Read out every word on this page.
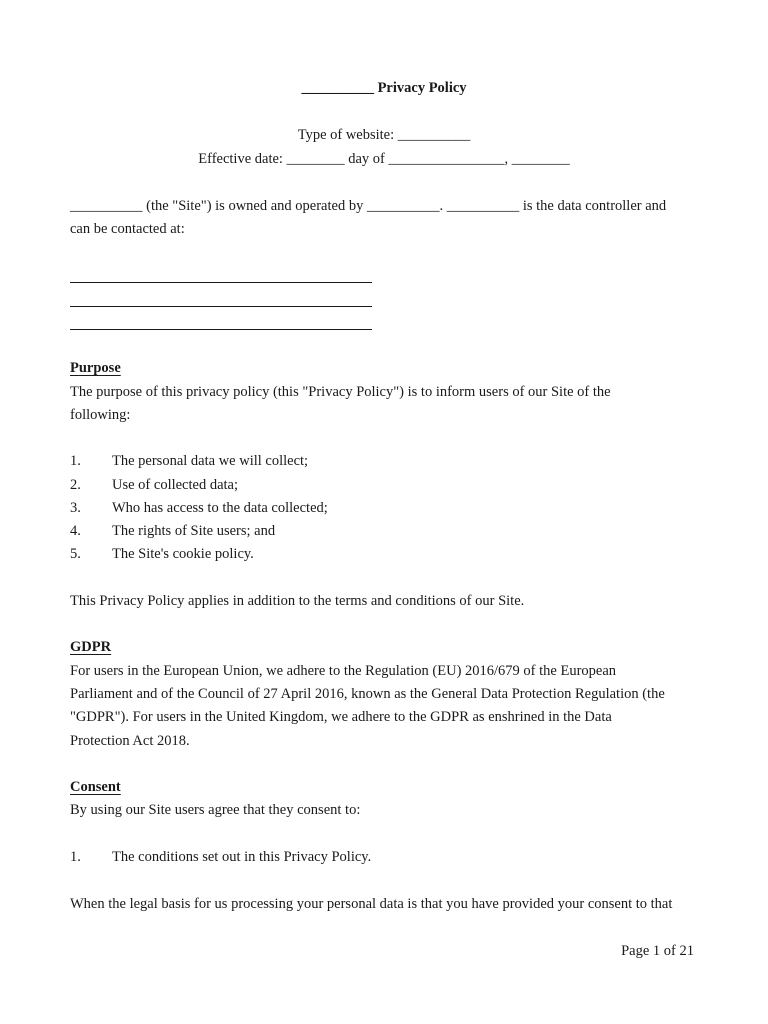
__________ Privacy Policy
Type of website: __________
Effective date: ________ day of ________________, ________
__________ (the "Site") is owned and operated by __________. __________ is the data controller and
can be contacted at:
Purpose
The purpose of this privacy policy (this "Privacy Policy") is to inform users of our Site of the
following:
1. The personal data we will collect;
2. Use of collected data;
3. Who has access to the data collected;
4. The rights of Site users; and
5. The Site's cookie policy.
This Privacy Policy applies in addition to the terms and conditions of our Site.
GDPR
For users in the European Union, we adhere to the Regulation (EU) 2016/679 of the European
Parliament and of the Council of 27 April 2016, known as the General Data Protection Regulation (the
"GDPR"). For users in the United Kingdom, we adhere to the GDPR as enshrined in the Data
Protection Act 2018.
Consent
By using our Site users agree that they consent to:
1. The conditions set out in this Privacy Policy.
When the legal basis for us processing your personal data is that you have provided your consent to that
Page 1 of 21
